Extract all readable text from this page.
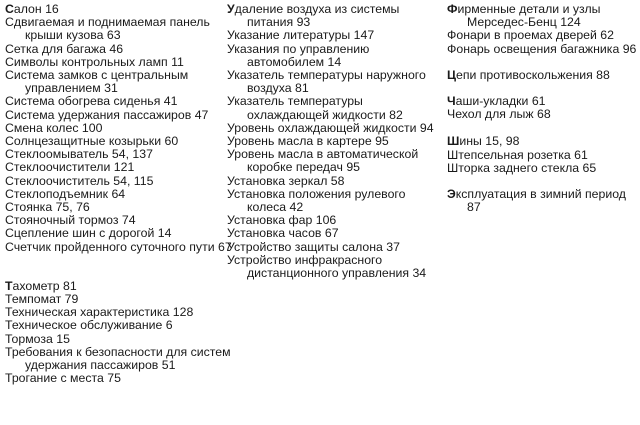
Салон 16
Сдвигаемая и поднимаемая панель крыши кузова 63
Сетка для багажа 46
Символы контрольных ламп 11
Система замков с центральным управлением 31
Система обогрева сиденья 41
Система удержания пассажиров 47
Смена колес 100
Солнцезащитные козырьки 60
Стеклоомыватель 54, 137
Стеклоочистители 121
Стеклоочиститель 54, 115
Стеклоподъемник 64
Стоянка 75, 76
Стояночный тормоз 74
Сцепление шин с дорогой 14
Счетчик пройденного суточного пути 67
Тахометр 81
Темпомат 79
Техническая характеристика 128
Техническое обслуживание 6
Тормоза 15
Требования к безопасности для систем удержания пассажиров 51
Трогание с места 75
Удаление воздуха из системы питания 93
Указание литературы 147
Указания по управлению автомобилем 14
Указатель температуры наружного воздуха 81
Указатель температуры охлаждающей жидкости 82
Уровень охлаждающей жидкости 94
Уровень масла в картере 95
Уровень масла в автоматической коробке передач 95
Установка зеркал 58
Установка положения рулевого колеса 42
Установка фар 106
Установка часов 67
Устройство защиты салона 37
Устройство инфракрасного дистанционного управления 34
Фирменные детали и узлы Мерседес-Бенц 124
Фонари в проемах дверей 62
Фонарь освещения багажника 96
Цепи противоскольжения 88
Чаши-укладки 61
Чехол для лыж 68
Шины 15, 98
Штепсельная розетка 61
Шторка заднего стекла 65
Эксплуатация в зимний период 87
